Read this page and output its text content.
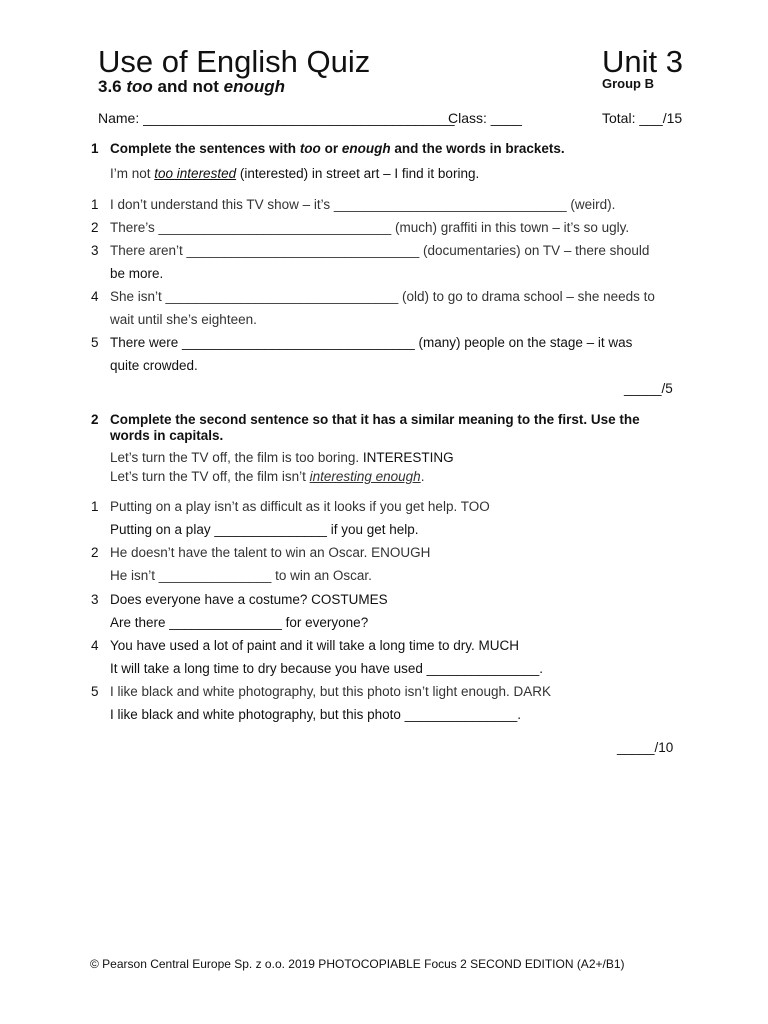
Use of English Quiz	Unit 3
3.6 too and not enough	Group B
Name: ________________________________________
Class: ____	Total: ___/15
1 Complete the sentences with too or enough and the words in brackets.
I’m not too interested (interested) in street art – I find it boring.
1 I don’t understand this TV show – it’s _______________________________ (weird).
2 There’s _______________________________ (much) graffiti in this town – it’s so ugly.
3 There aren’t _______________________________ (documentaries) on TV – there should
be more.
4 She isn’t _______________________________ (old) to go to drama school – she needs to
wait until she’s eighteen.
5 There were _______________________________ (many) people on the stage – it was
quite crowded.
_____/5
2 Complete the second sentence so that it has a similar meaning to the first. Use the
words in capitals.
Let’s turn the TV off, the film is too boring. INTERESTING
Let’s turn the TV off, the film isn’t interesting enough.
1 Putting on a play isn’t as difficult as it looks if you get help. TOO
Putting on a play _______________ if you get help.
2 He doesn’t have the talent to win an Oscar. ENOUGH
He isn’t _______________ to win an Oscar.
3 Does everyone have a costume? COSTUMES
Are there _______________ for everyone?
4 You have used a lot of paint and it will take a long time to dry. MUCH
It will take a long time to dry because you have used _______________.
5 I like black and white photography, but this photo isn’t light enough. DARK
I like black and white photography, but this photo _______________.
_____/10
© Pearson Central Europe Sp. z o.o. 2019 PHOTOCOPIABLE Focus 2 SECOND EDITION (A2+/B1)
